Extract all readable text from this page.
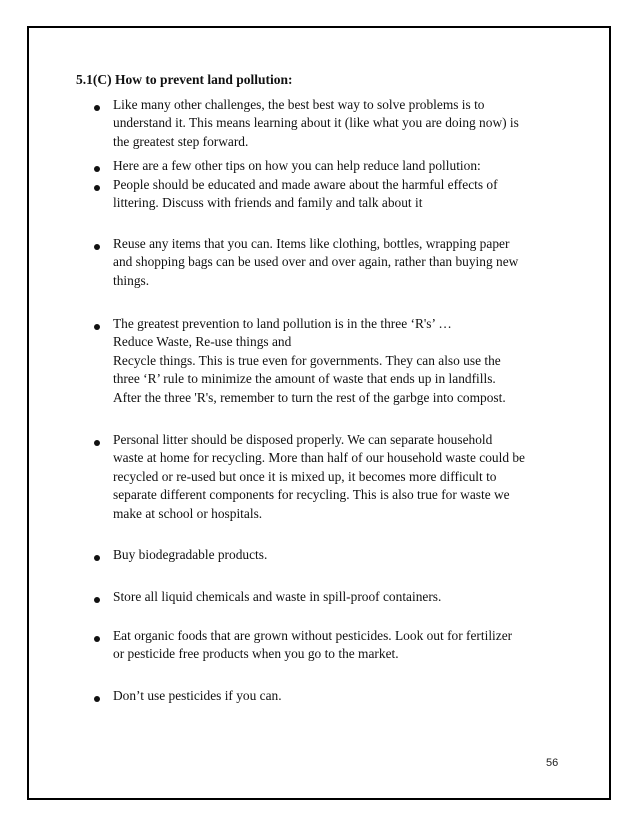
5.1(C) How to prevent land pollution:
Like many other challenges, the best best way to solve problems is to
understand it. This means learning about it (like what you are doing now) is
the greatest step forward.
Here are a few other tips on how you can help reduce land pollution:
People should be educated and made aware about the harmful effects of
littering. Discuss with friends and family and talk about it
Reuse any items that you can. Items like clothing, bottles, wrapping paper
and shopping bags can be used over and over again, rather than buying new
things.
The greatest prevention to land pollution is in the three ‘R's’ …
Reduce Waste, Re-use things and
Recycle things. This is true even for governments. They can also use the
three ‘R’ rule to minimize the amount of waste that ends up in landfills.
After the three 'R's, remember to turn the rest of the garbge into compost.
Personal litter should be disposed properly. We can separate household
waste at home for recycling. More than half of our household waste could be
recycled or re-used but once it is mixed up, it becomes more difficult to
separate different components for recycling. This is also true for waste we
make at school or hospitals.
Buy biodegradable products.
Store all liquid chemicals and waste in spill-proof containers.
Eat organic foods that are grown without pesticides. Look out for fertilizer
or pesticide free products when you go to the market.
Don’t use pesticides if you can.
56
